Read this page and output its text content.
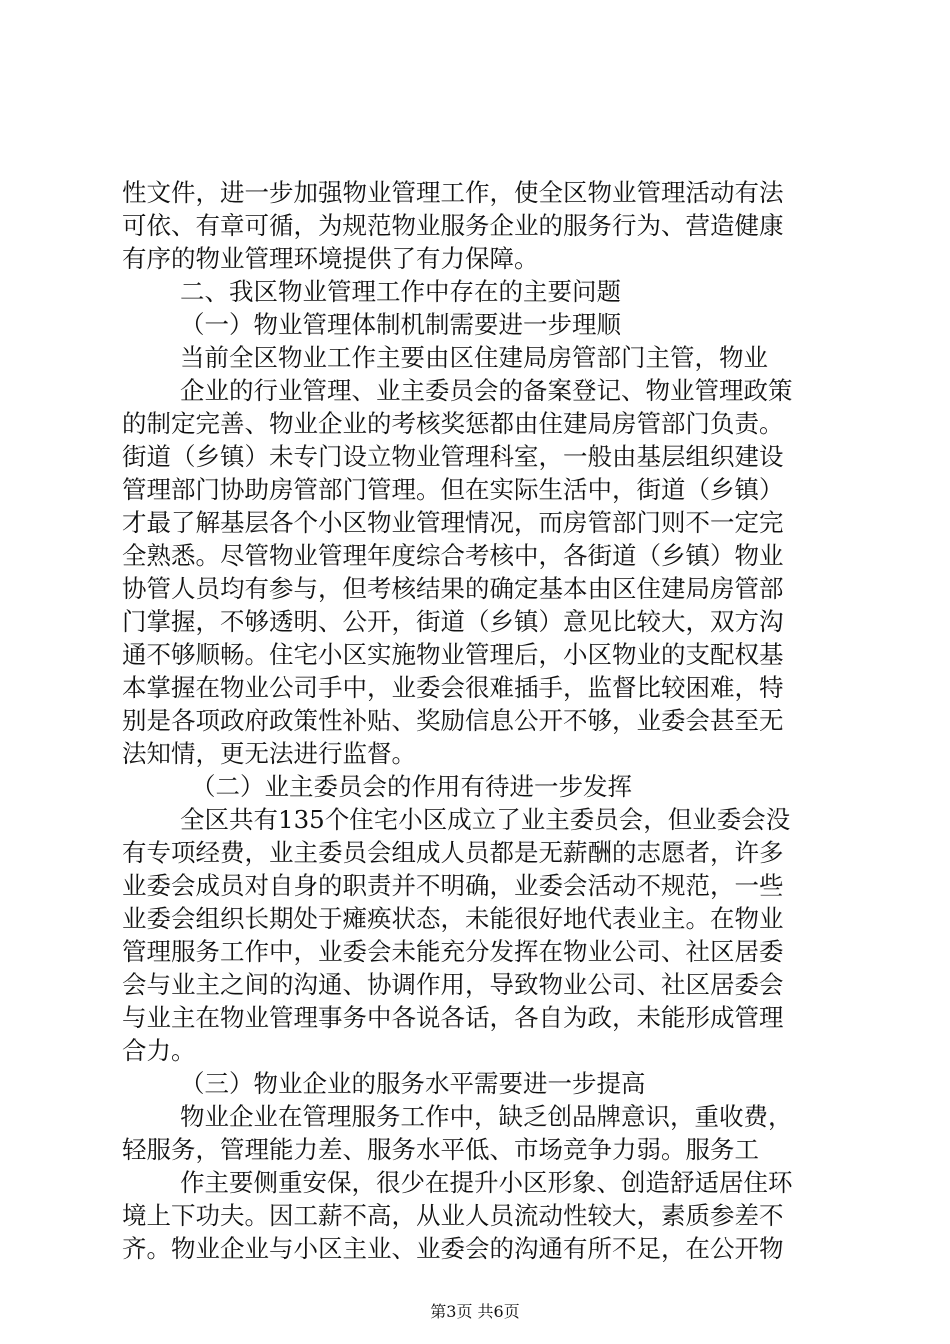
性文件，进一步加强物业管理工作，使全区物业管理活动有法
可依、有章可循，为规范物业服务企业的服务行为、营造健康
有序的物业管理环境提供了有力保障。
二、我区物业管理工作中存在的主要问题
（一）物业管理体制机制需要进一步理顺
当前全区物业工作主要由区住建局房管部门主管，物业
企业的行业管理、业主委员会的备案登记、物业管理政策
的制定完善、物业企业的考核奖惩都由住建局房管部门负责。
街道（乡镇）未专门设立物业管理科室，一般由基层组织建设
管理部门协助房管部门管理。但在实际生活中，街道（乡镇）
才最了解基层各个小区物业管理情况，而房管部门则不一定完
全熟悉。尽管物业管理年度综合考核中，各街道（乡镇）物业
协管人员均有参与，但考核结果的确定基本由区住建局房管部
门掌握，不够透明、公开，街道（乡镇）意见比较大，双方沟
通不够顺畅。住宅小区实施物业管理后，小区物业的支配权基
本掌握在物业公司手中，业委会很难插手，监督比较困难，特
别是各项政府政策性补贴、奖励信息公开不够，业委会甚至无
法知情，更无法进行监督。
（二）业主委员会的作用有待进一步发挥
全区共有135个住宅小区成立了业主委员会，但业委会没
有专项经费，业主委员会组成人员都是无薪酬的志愿者，许多
业委会成员对自身的职责并不明确，业委会活动不规范，一些
业委会组织长期处于瘫痪状态，未能很好地代表业主。在物业
管理服务工作中，业委会未能充分发挥在物业公司、社区居委
会与业主之间的沟通、协调作用，导致物业公司、社区居委会
与业主在物业管理事务中各说各话，各自为政，未能形成管理
合力。
（三）物业企业的服务水平需要进一步提高
物业企业在管理服务工作中，缺乏创品牌意识，重收费，
轻服务，管理能力差、服务水平低、市场竞争力弱。服务工
作主要侧重安保，很少在提升小区形象、创造舒适居住环
境上下功夫。因工薪不高，从业人员流动性较大，素质参差不
齐。物业企业与小区主业、业委会的沟通有所不足，在公开物
第3页 共6页
